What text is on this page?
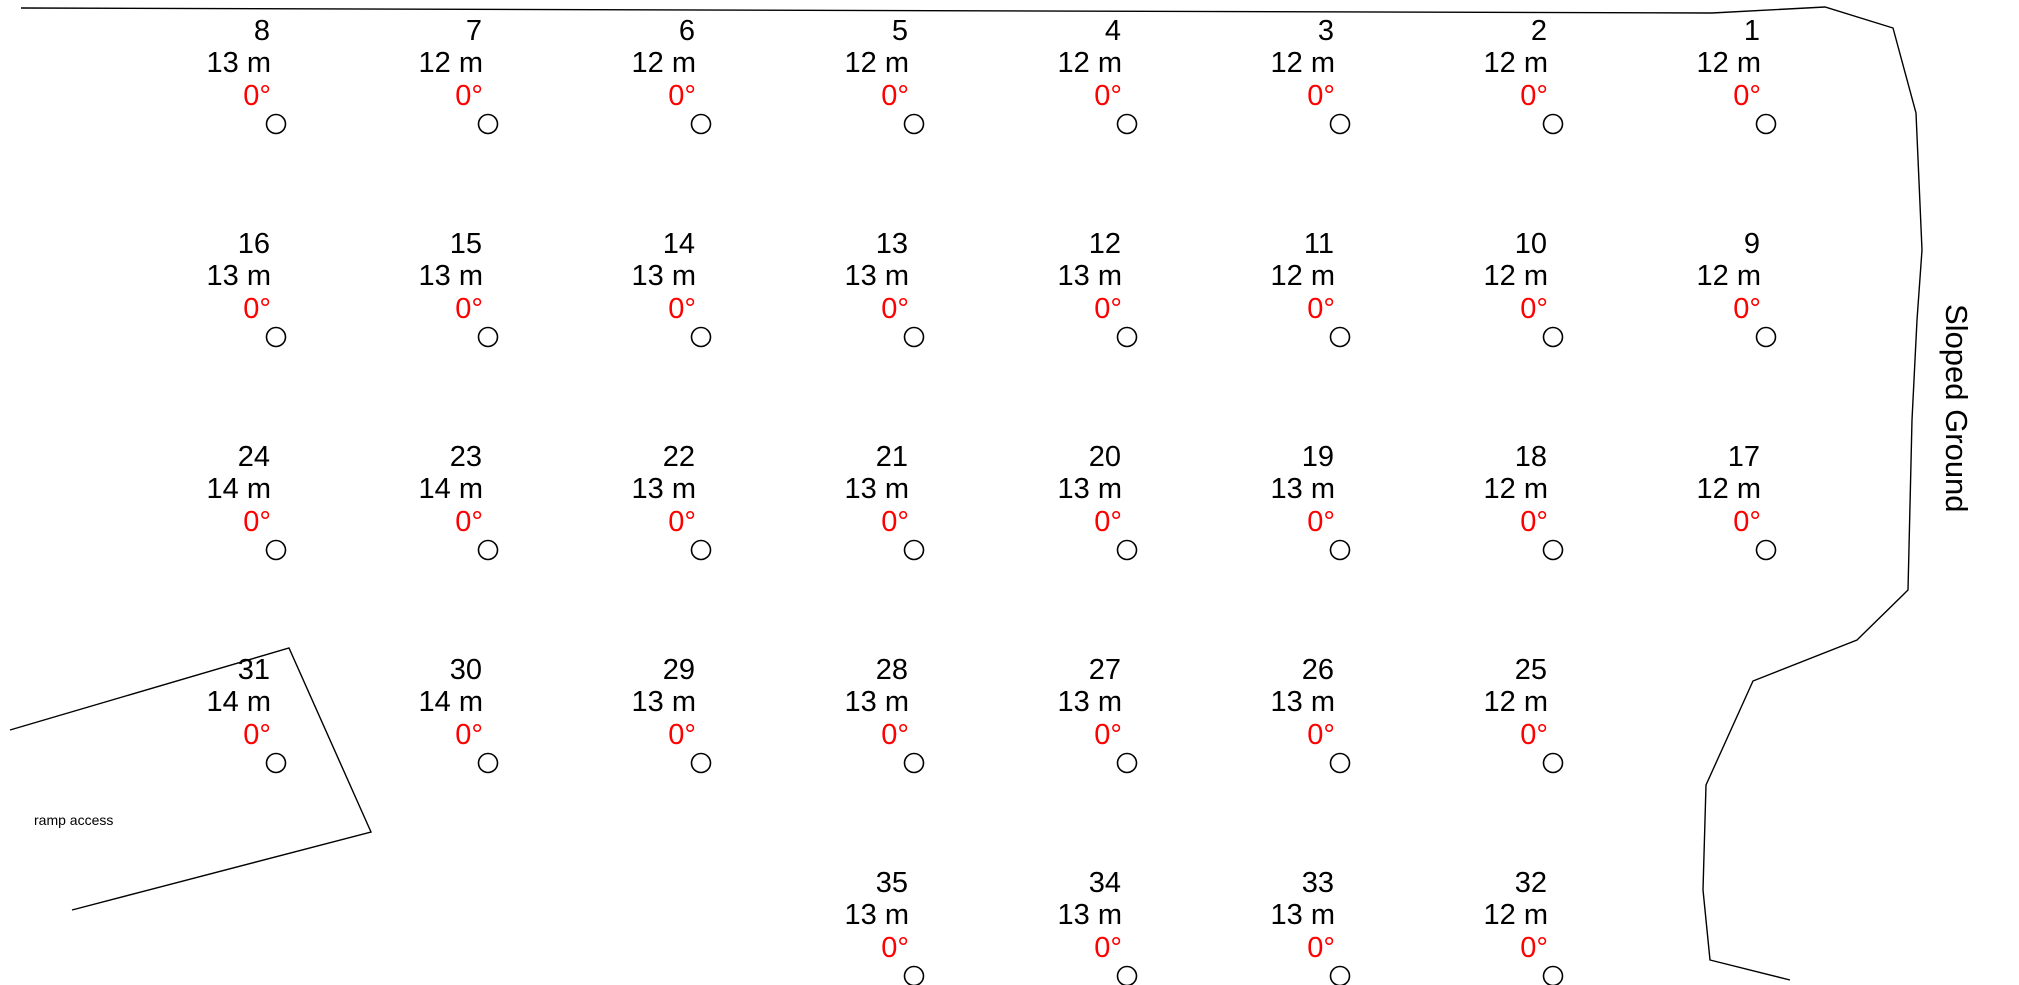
ramp access
Sloped Ground
8
13 m
0°
7
12 m
0°
6
12 m
0°
5
12 m
0°
4
12 m
0°
3
12 m
0°
2
12 m
0°
1
12 m
0°
16
13 m
0°
15
13 m
0°
14
13 m
0°
13
13 m
0°
12
13 m
0°
11
12 m
0°
10
12 m
0°
9
12 m
0°
24
14 m
0°
23
14 m
0°
22
13 m
0°
21
13 m
0°
20
13 m
0°
19
13 m
0°
18
12 m
0°
17
12 m
0°
31
14 m
0°
30
14 m
0°
29
13 m
0°
28
13 m
0°
27
13 m
0°
26
13 m
0°
25
12 m
0°
35
13 m
0°
34
13 m
0°
33
13 m
0°
32
12 m
0°
